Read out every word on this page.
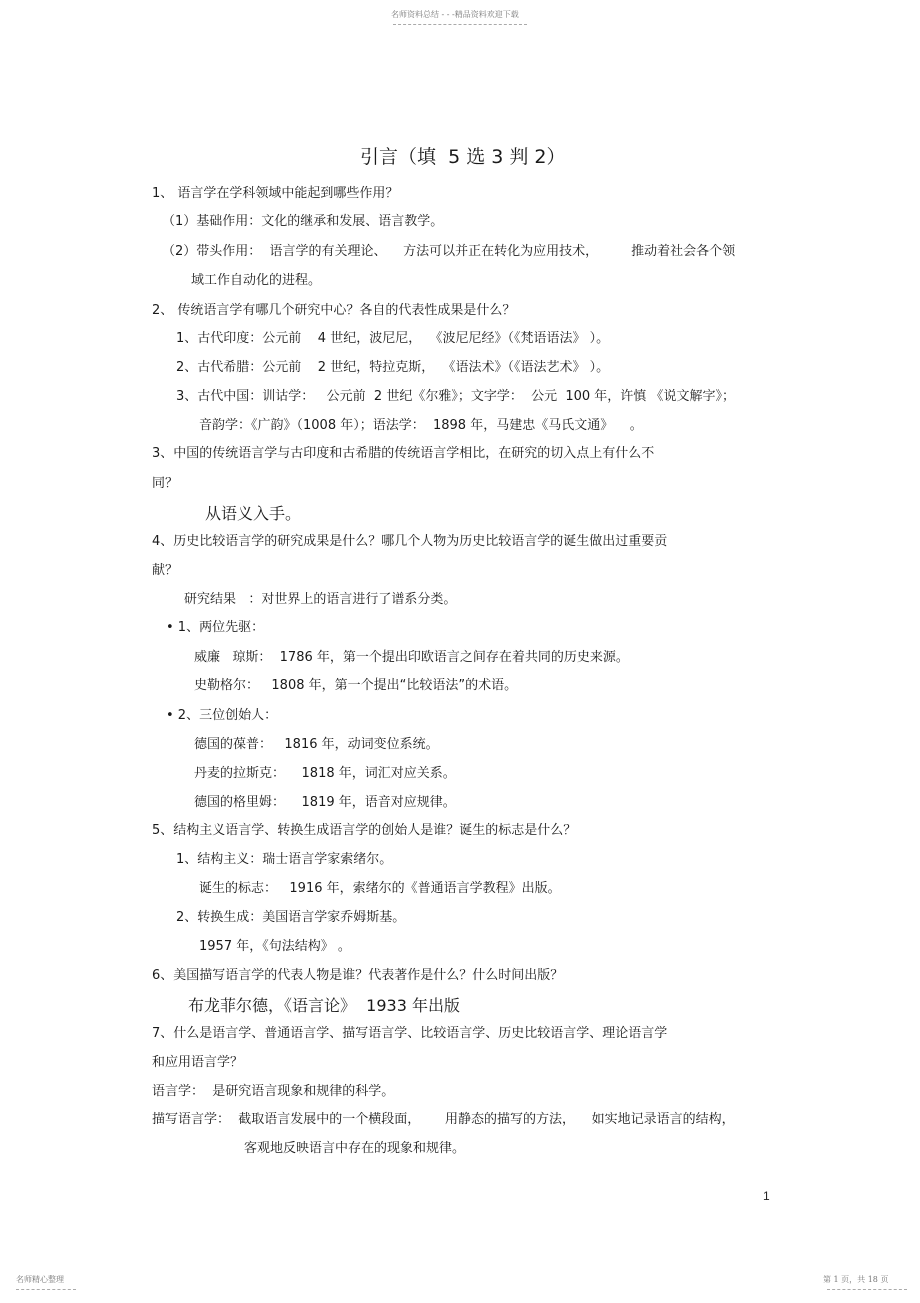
名师资料总结 - - -精品资料欢迎下载
引言（填  5 选 3 判 2）
1、 语言学在学科领域中能起到哪些作用？
（1）基础作用：文化的继承和发展、语言教学。
（2）带头作用：  语言学的有关理论、    方法可以并正在转化为应用技术，        推动着社会各个领
域工作自动化的进程。
2、 传统语言学有哪几个研究中心？各自的代表性成果是什么？
1、古代印度：公元前    4 世纪，波尼尼，  《波尼尼经》（《梵语语法》 ）。
2、古代希腊：公元前    2 世纪，特拉克斯，  《语法术》（《语法艺术》 ）。
3、古代中国：训诂学：   公元前  2 世纪《尔雅》；文字学：  公元  100 年，许慎 《说文解字》；
音韵学：《广韵》（1008 年）；语法学：  1898 年，马建忠《马氏文通》    。
3、中国的传统语言学与古印度和古希腊的传统语言学相比，在研究的切入点上有什么不
同？
4、历史比较语言学的研究成果是什么？哪几个人物为历史比较语言学的诞生做出过重要贡
献？
研究结果   ：对世界上的语言进行了谱系分类。
• 1、两位先驱：
威廉   琼斯：  1786 年，第一个提出印欧语言之间存在着共同的历史来源。
史勒格尔：   1808 年，第一个提出“比较语法”的术语。
• 2、三位创始人：
德国的葆普：   1816 年，动词变位系统。
丹麦的拉斯克：    1818 年，词汇对应关系。
德国的格里姆：    1819 年，语音对应规律。
5、结构主义语言学、转换生成语言学的创始人是谁？诞生的标志是什么？
1、结构主义：瑞士语言学家索绪尔。
诞生的标志：   1916 年，索绪尔的《普通语言学教程》出版。
2、转换生成：美国语言学家乔姆斯基。
1957 年，《句法结构》 。
6、美国描写语言学的代表人物是谁？代表著作是什么？什么时间出版？
7、什么是语言学、普通语言学、描写语言学、比较语言学、历史比较语言学、理论语言学
和应用语言学？
语言学：  是研究语言现象和规律的科学。
描写语言学：  截取语言发展中的一个横段面，      用静态的描写的方法，    如实地记录语言的结构，
客观地反映语言中存在的现象和规律。
从语义入手。
布龙菲尔德，《语言论》  1933 年出版
1
名师精心整理	第 1 页，共 18 页
